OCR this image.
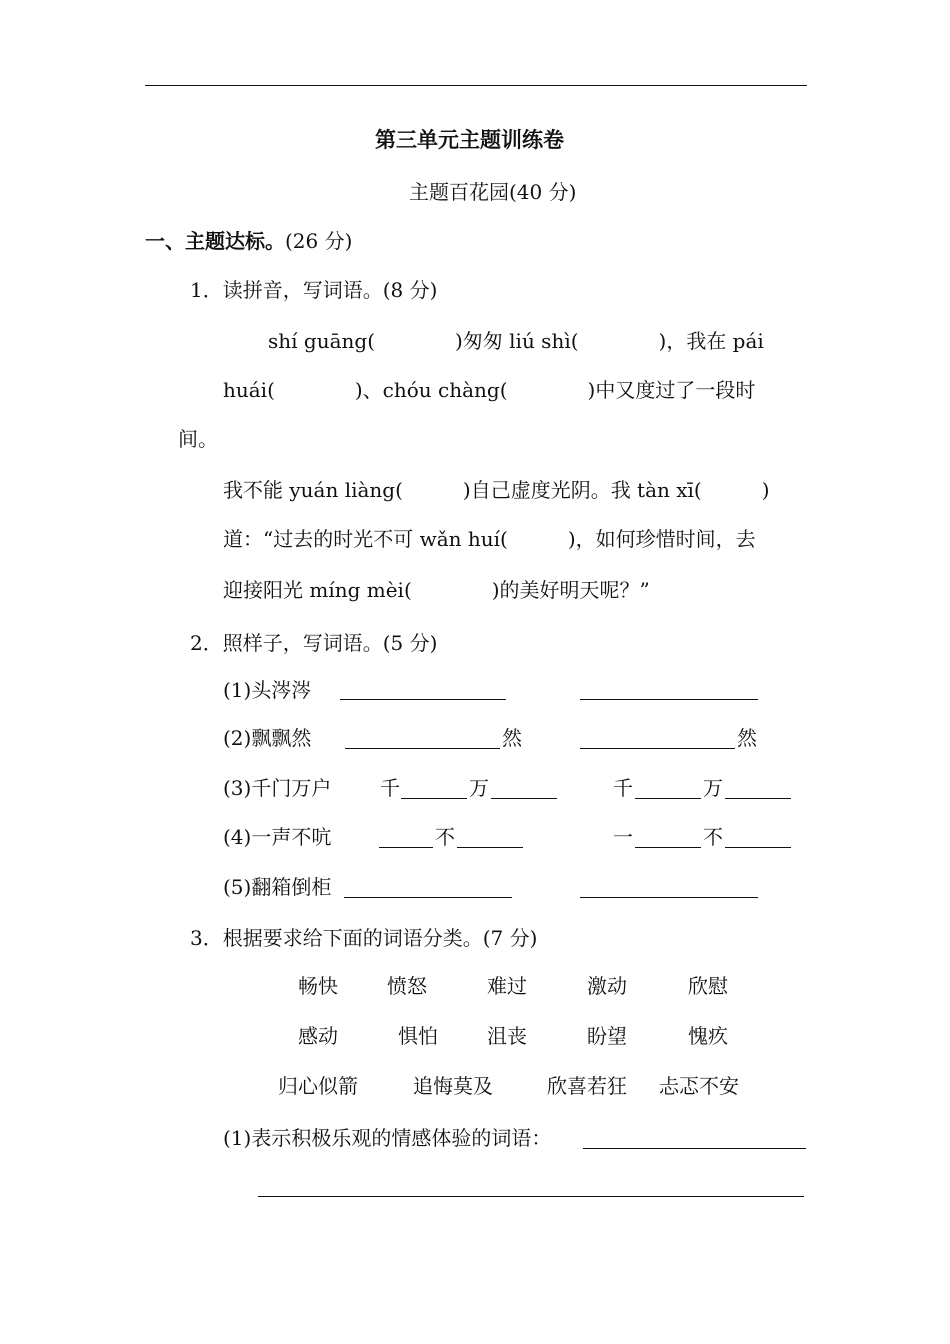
第三单元主题训练卷
主题百花园(40 分)
一、主题达标。(26 分)
1．读拼音，写词语。(8 分)
shí guāng(　　　　)匆匆 liú shì(　　　　)，我在 pái
huái(　　　　)、chóu chàng(　　　　)中又度过了一段时
间。
我不能 yuán liàng(　　　)自己虚度光阴。我 tàn xī(　　　)
道：“过去的时光不可 wǎn huí(　　　)，如何珍惜时间，去
迎接阳光 míng mèi(　　　　)的美好明天呢？”
2．照样子，写词语。(5 分)
(1)头涔涔
(2)飘飘然	然	然
(3)千门万户 千	万	千	万
(4)一声不吭	不	一	不
(5)翻箱倒柜
3．根据要求给下面的词语分类。(7 分)
畅快 愤怒	难过	激动	欣慰
感动	惧怕 沮丧	盼望	愧疚
归心似箭	追悔莫及	欣喜若狂 忐忑不安
(1)表示积极乐观的情感体验的词语：
